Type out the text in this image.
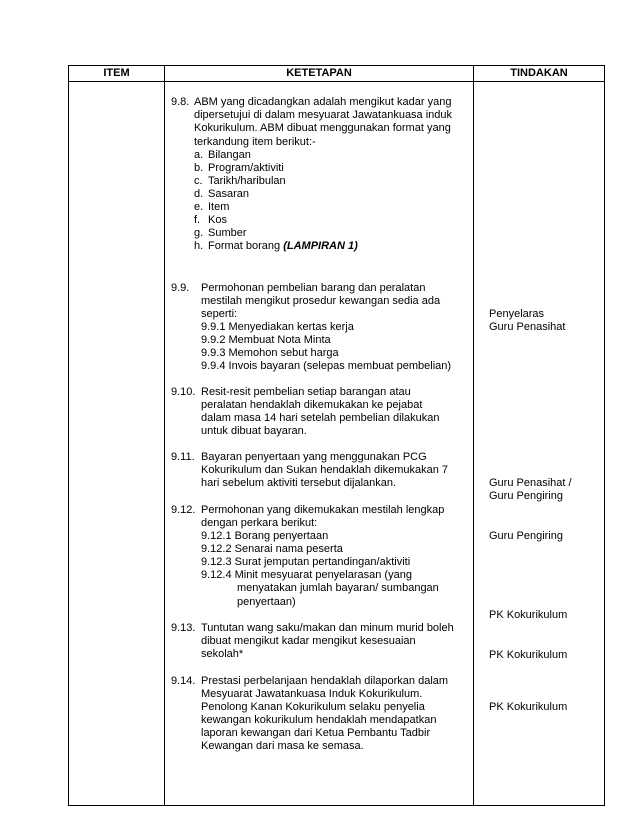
ITEM	KETETAPAN	TINDAKAN
9.8. ABM yang dicadangkan adalah mengikut kadar yang
dipersetujui di dalam mesyuarat Jawatankuasa induk
Kokurikulum. ABM dibuat menggunakan format yang
terkandung item berikut:-
a. Bilangan
b. Program/aktiviti
c. Tarikh/haribulan
d. Sasaran
e. Item
f. Kos
g. Sumber
h. Format borang (LAMPIRAN 1)
9.9. Permohonan pembelian barang dan peralatan
mestilah mengikut prosedur kewangan sedia ada
seperti:
9.9.1 Menyediakan kertas kerja
9.9.2 Membuat Nota Minta
9.9.3 Memohon sebut harga
9.9.4 Invois bayaran (selepas membuat pembelian)
9.10. Resit-resit pembelian setiap barangan atau
peralatan hendaklah dikemukakan ke pejabat
dalam masa 14 hari setelah pembelian dilakukan
untuk dibuat bayaran.
9.11. Bayaran penyertaan yang menggunakan PCG
Kokurikulum dan Sukan hendaklah dikemukakan 7
hari sebelum aktiviti tersebut dijalankan.
9.12. Permohonan yang dikemukakan mestilah lengkap
dengan perkara berikut:
9.12.1 Borang penyertaan
9.12.2 Senarai nama peserta
9.12.3 Surat jemputan pertandingan/aktiviti
9.12.4 Minit mesyuarat penyelarasan (yang
menyatakan jumlah bayaran/ sumbangan
penyertaan)
9.13. Tuntutan wang saku/makan dan minum murid boleh
dibuat mengikut kadar mengikut kesesuaian
sekolah*
9.14. Prestasi perbelanjaan hendaklah dilaporkan dalam
Mesyuarat Jawatankuasa Induk Kokurikulum.
Penolong Kanan Kokurikulum selaku penyelia
kewangan kokurikulum hendaklah mendapatkan
laporan kewangan dari Ketua Pembantu Tadbir
Kewangan dari masa ke semasa.
Penyelaras
Guru Penasihat
Guru Penasihat /
Guru Pengiring
Guru Pengiring
PK Kokurikulum
PK Kokurikulum
PK Kokurikulum
